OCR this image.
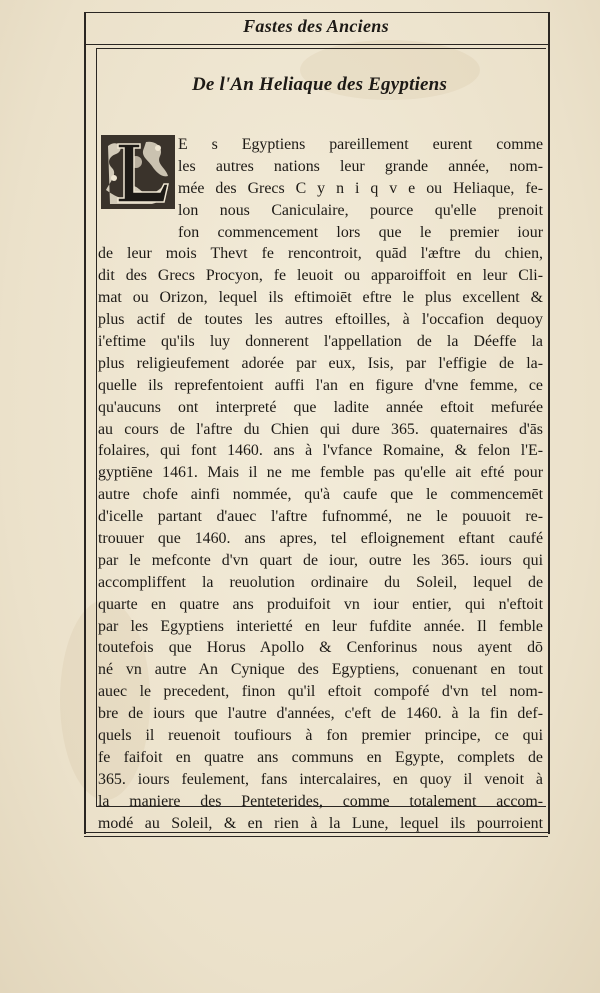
Fastes des Anciens
De l'An Heliaque des Egyptiens
E s Egyptiens pareillement eurent comme
les autres nations leur grande année, nom-
mée des Grecs C y n i q v e ou Heliaque, fe-
lon nous Caniculaire, pource qu'elle prenoit
fon commencement lors que le premier iour
de leur mois Thevt fe rencontroit, quād l'æftre du chien,
dit des Grecs Procyon, fe leuoit ou apparoiffoit en leur Cli-
mat ou Orizon, lequel ils eftimoiēt eftre le plus excellent &
plus actif de toutes les autres eftoilles, à l'occafion dequoy
i'eftime qu'ils luy donnerent l'appellation de la Déeffe la
plus religieufement adorée par eux, Isis, par l'effigie de la-
quelle ils reprefentoient auffi l'an en figure d'vne femme, ce
qu'aucuns ont interpreté que ladite année eftoit mefurée
au cours de l'aftre du Chien qui dure 365. quaternaires d'ās
folaires, qui font 1460. ans à l'vfance Romaine, & felon l'E-
gyptiēne 1461. Mais il ne me femble pas qu'elle ait efté pour
autre chofe ainfi nommée, qu'à caufe que le commencemēt
d'icelle partant d'auec l'aftre fufnommé, ne le pouuoit re-
trouuer que 1460. ans apres, tel efloignement eftant caufé
par le mefconte d'vn quart de iour, outre les 365. iours qui
accompliffent la reuolution ordinaire du Soleil, lequel de
quarte en quatre ans produifoit vn iour entier, qui n'eftoit
par les Egyptiens interietté en leur fufdite année. Il femble
toutefois que Horus Apollo & Cenforinus nous ayent dō
né vn autre An Cynique des Egyptiens, conuenant en tout
auec le precedent, finon qu'il eftoit compofé d'vn tel nom-
bre de iours que l'autre d'années, c'eft de 1460. à la fin def-
quels il reuenoit toufiours à fon premier principe, ce qui
fe faifoit en quatre ans communs en Egypte, complets de
365. iours feulement, fans intercalaires, en quoy il venoit à
la maniere des Penteterides, comme totalement accom-
modé au Soleil, & en rien à la Lune, lequel ils pourroient
